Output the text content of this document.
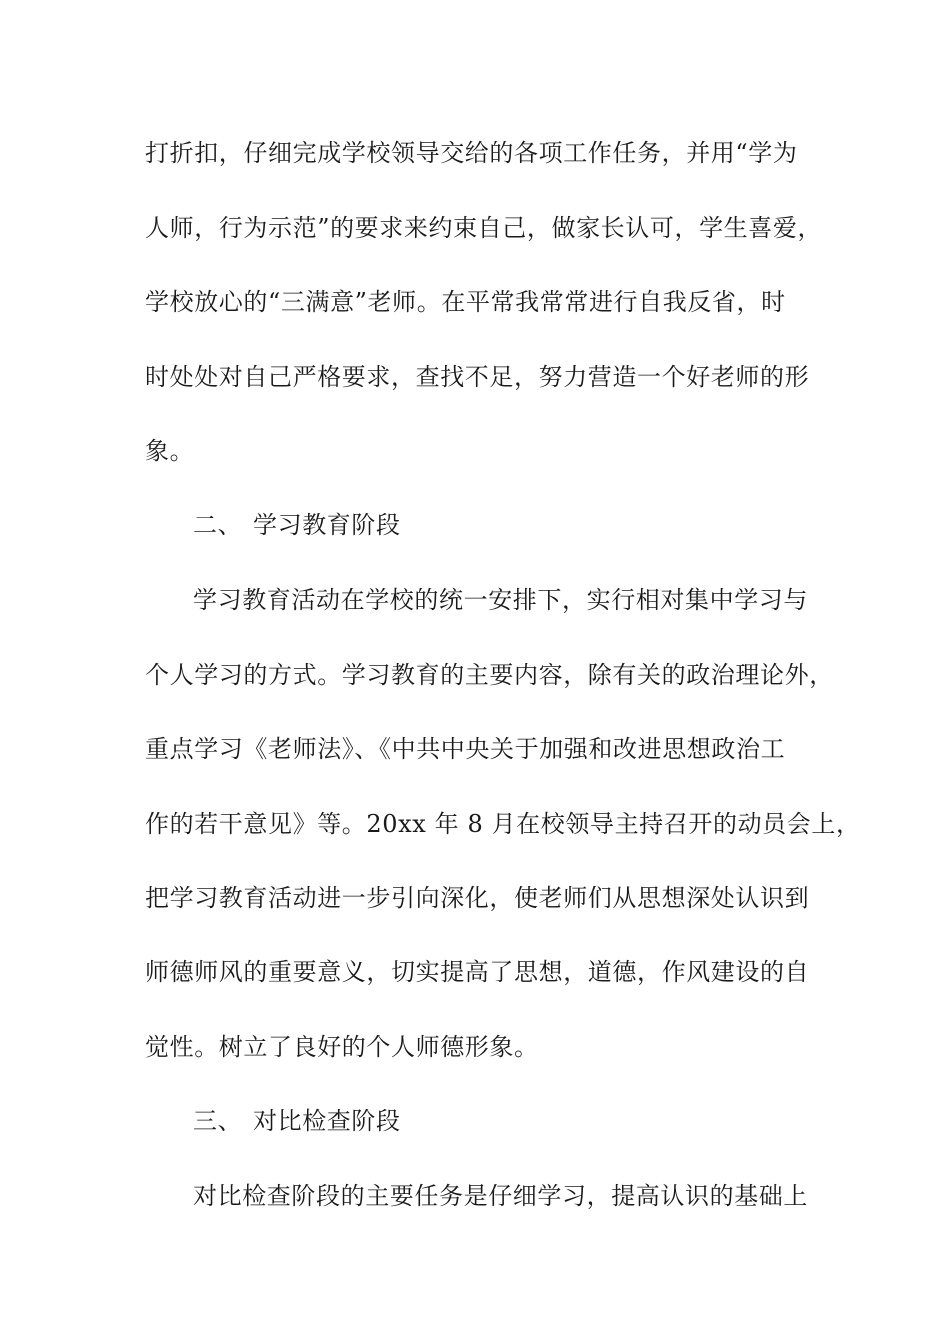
打折扣，仔细完成学校领导交给的各项工作任务，并用“学为
人师，行为示范”的要求来约束自己，做家长认可，学生喜爱，
学校放心的“三满意”老师。在平常我常常进行自我反省，时
时处处对自己严格要求，查找不足，努力营造一个好老师的形
象。
二、 学习教育阶段
学习教育活动在学校的统一安排下，实行相对集中学习与
个人学习的方式。学习教育的主要内容，除有关的政治理论外，
重点学习《老师法》、《中共中央关于加强和改进思想政治工
作的若干意见》等。20xx 年 8 月在校领导主持召开的动员会上，
把学习教育活动进一步引向深化，使老师们从思想深处认识到
师德师风的重要意义，切实提高了思想，道德，作风建设的自
觉性。树立了良好的个人师德形象。
三、 对比检查阶段
对比检查阶段的主要任务是仔细学习，提高认识的基础上
